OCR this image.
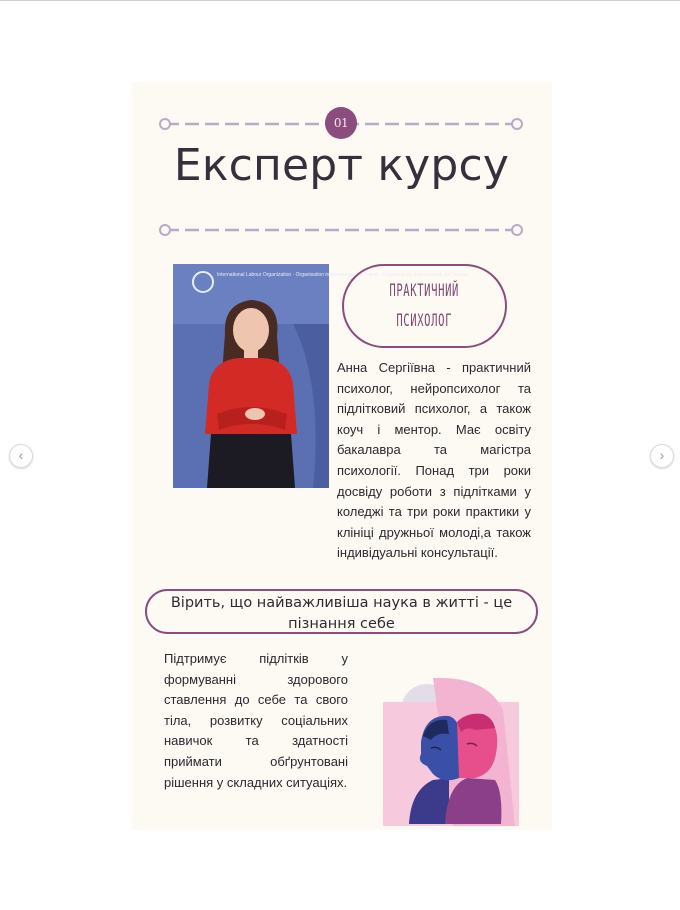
‹	›
01
Експерт курсу
International Labour Organization · Organisation internationale du Travail · Organización Internacional del Trabajo
ПРАКТИЧНИЙ
ПСИХОЛОГ
Анна Сергіївна - практичний психолог, нейропсихолог та підлітковий психолог, а також коуч і ментор. Має освіту бакалавра та магістра психології. Понад три роки досвіду роботи з підлітками у коледжі та три роки практики у клініці дружньої молоді,а також індивідуальні консультації.
Вірить, що найважливіша наука в житті - це пізнання себе
Підтримує підлітків у формуванні здорового ставлення до себе та свого тіла, розвитку соціальних навичок та здатності приймати обґрунтовані рішення у складних ситуаціях.
